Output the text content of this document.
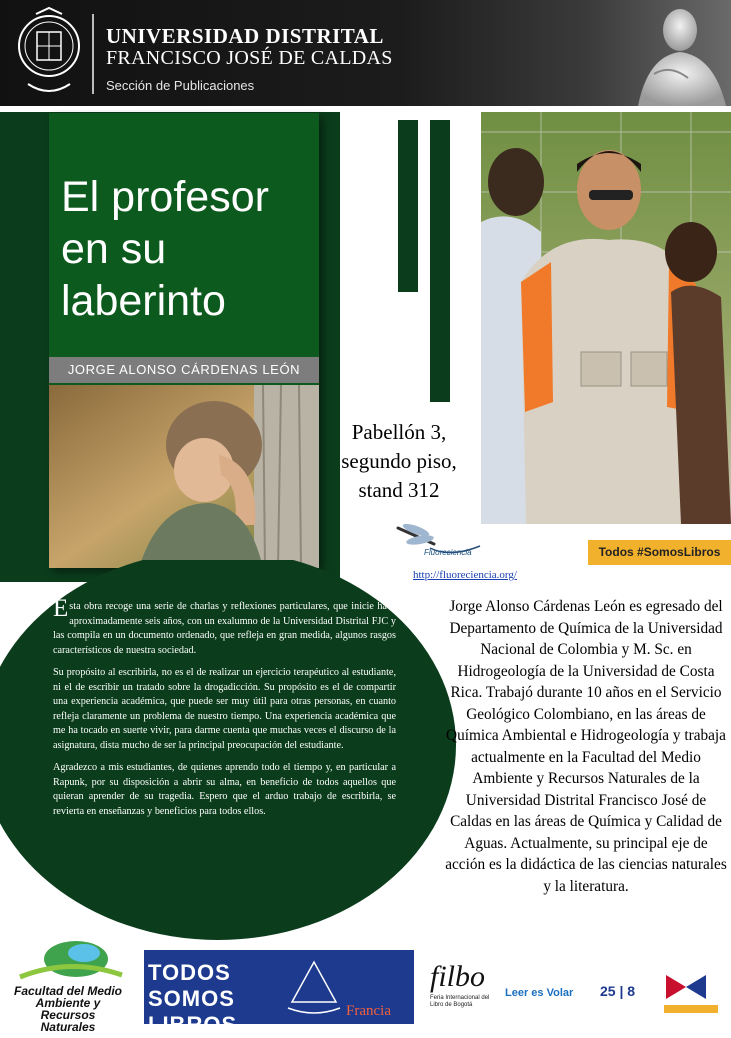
UNIVERSIDAD DISTRITAL
FRANCISCO JOSÉ DE CALDAS
Sección de Publicaciones
El profesor en su laberinto
JORGE ALONSO CÁRDENAS LEÓN
Pabellón 3,
segundo piso,
stand 312
Fluoreciencia
http://fluoreciencia.org/
Todos #SomosLibros

Esta obra recoge una serie de charlas y reflexiones particulares, que inicie hace aproximadamente seis años, con un exalumno de la Universidad Distrital FJC y las compila en un documento ordenado, que refleja en gran medida, algunos rasgos característicos de nuestra sociedad.

Su propósito al escribirla, no es el de realizar un ejercicio terapéutico al estudiante, ni el de escribir un tratado sobre la drogadicción. Su propósito es el de compartir una experiencia académica, que puede ser muy útil para otras personas, en cuanto refleja claramente un problema de nuestro tiempo. Una experiencia académica que me ha tocado en suerte vivir, para darme cuenta que muchas veces el discurso de la asignatura, dista mucho de ser la principal preocupación del estudiante.

Agradezco a mis estudiantes, de quienes aprendo todo el tiempo y, en particular a Rapunk, por su disposición a abrir su alma, en beneficio de todos aquellos que quieran aprender de su tragedia. Espero que el arduo trabajo de escribirla, se revierta en enseñanzas y beneficios para todos ellos.

Jorge Alonso Cárdenas León es egresado del Departamento de Química de la Universidad Nacional de Colombia y M. Sc. en Hidrogeología de la Universidad de Costa Rica. Trabajó durante 10 años en el Servicio Geológico Colombiano, en las áreas de Química Ambiental e Hidrogeología y trabaja actualmente en la Facultad del Medio Ambiente y Recursos Naturales de la Universidad Distrital Francisco José de Caldas en las áreas de Química y Calidad de Aguas. Actualmente, su principal eje de acción es la didáctica de las ciencias naturales y la literatura.
Facultad del Medio Ambiente y Recursos Naturales
TODOS SOMOS LIBROS
Francia
filbo
Feria Internacional del Libro de Bogotá
Leer es Volar 25 | 8
